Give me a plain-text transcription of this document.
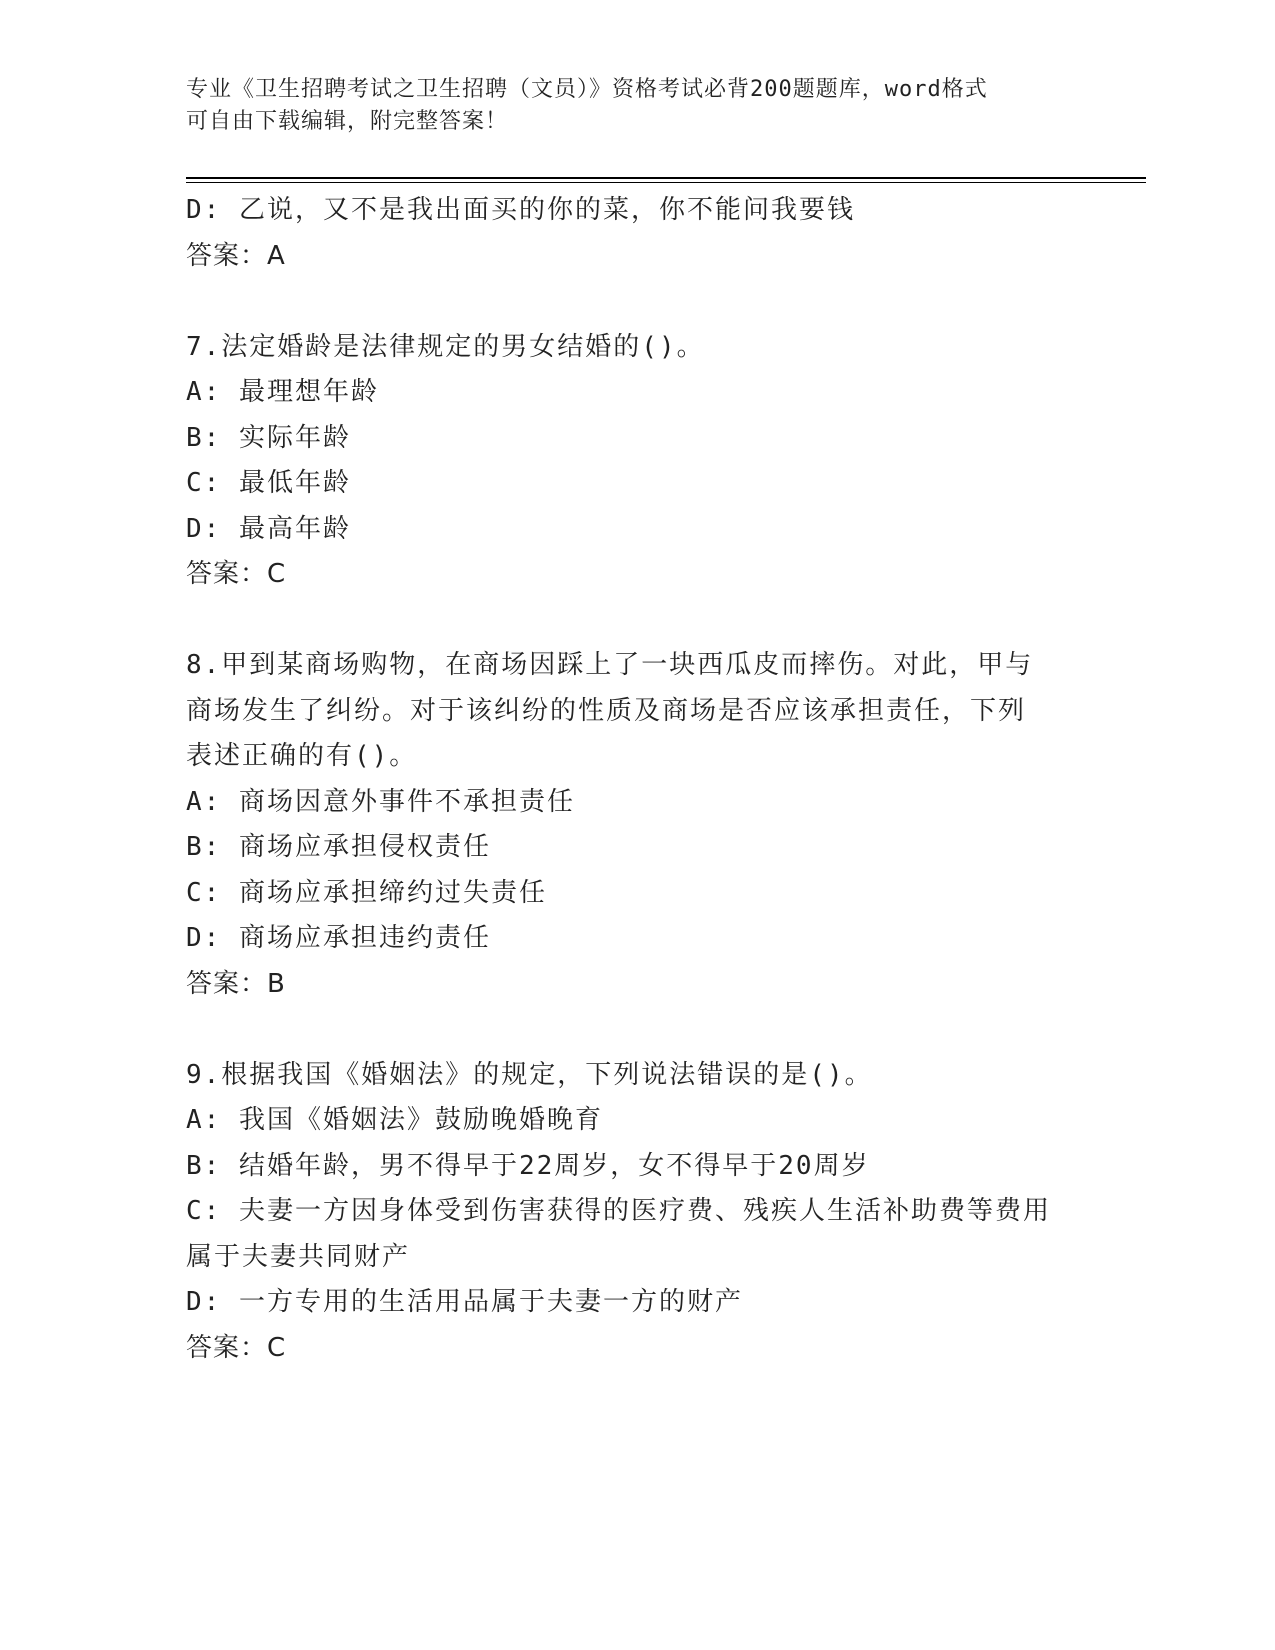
专业《卫生招聘考试之卫生招聘（文员）》资格考试必背200题题库，word格式
可自由下载编辑，附完整答案！
D: 乙说，又不是我出面买的你的菜，你不能问我要钱
答案：A
7.法定婚龄是法律规定的男女结婚的()。
A: 最理想年龄
B: 实际年龄
C: 最低年龄
D: 最高年龄
答案：C
8.甲到某商场购物，在商场因踩上了一块西瓜皮而摔伤。对此，甲与
商场发生了纠纷。对于该纠纷的性质及商场是否应该承担责任，下列
表述正确的有()。
A: 商场因意外事件不承担责任
B: 商场应承担侵权责任
C: 商场应承担缔约过失责任
D: 商场应承担违约责任
答案：B
9.根据我国《婚姻法》的规定，下列说法错误的是()。
A: 我国《婚姻法》鼓励晚婚晚育
B: 结婚年龄，男不得早于22周岁，女不得早于20周岁
C: 夫妻一方因身体受到伤害获得的医疗费、残疾人生活补助费等费用
属于夫妻共同财产
D: 一方专用的生活用品属于夫妻一方的财产
答案：C
